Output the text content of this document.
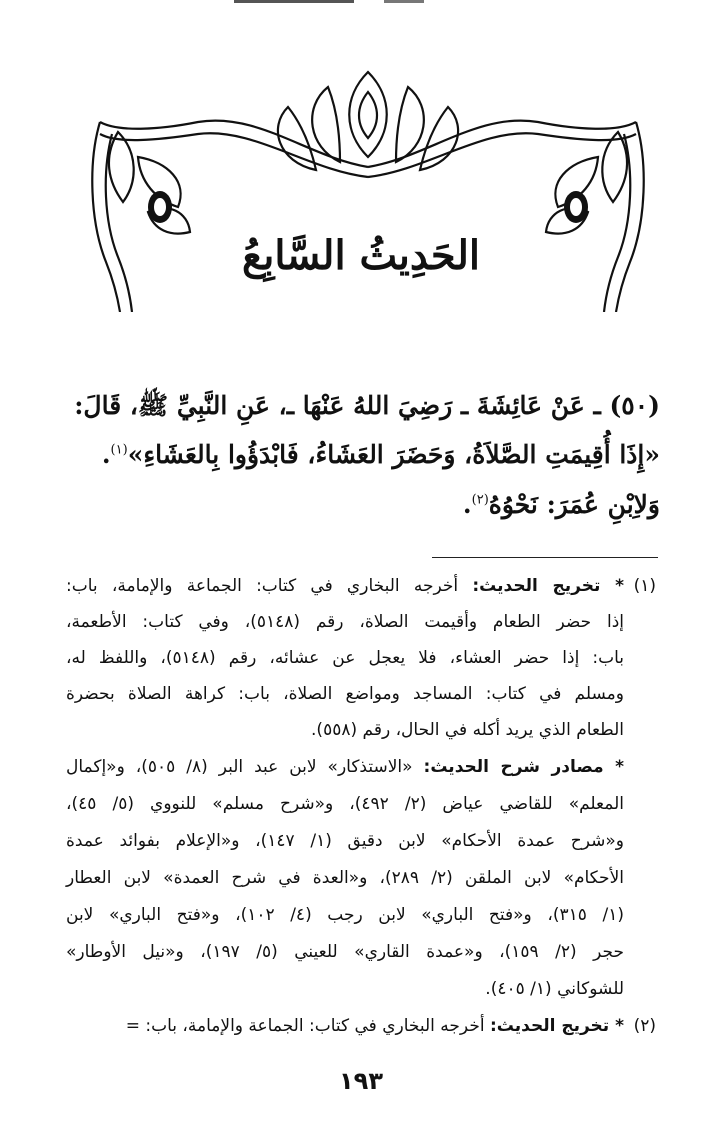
الحَدِيثُ السَّابِعُ
(٥٠) ـ عَنْ عَائِشَةَ ـ رَضِيَ اللهُ عَنْهَا ـ، عَنِ النَّبِيِّ ﷺ، قَالَ:
«إِذَا أُقِيمَتِ الصَّلاَةُ، وَحَضَرَ العَشَاءُ، فَابْدَؤُوا بِالعَشَاءِ»$^{(١)}$.
وَلاِبْنِ عُمَرَ: نَحْوُهُ$^{(٢)}$.
(١)
* تخريج الحديث: أخرجه البخاري في كتاب: الجماعة والإمامة، باب:
إذا حضر الطعام وأقيمت الصلاة، رقم (٥١٤٨)، وفي كتاب: الأطعمة،
باب: إذا حضر العشاء، فلا يعجل عن عشائه، رقم (٥١٤٨)، واللفظ له،
ومسلم في كتاب: المساجد ومواضع الصلاة، باب: كراهة الصلاة بحضرة
الطعام الذي يريد أكله في الحال، رقم (٥٥٨).
* مصادر شرح الحديث: «الاستذكار» لابن عبد البر (٨/ ٥٠٥)، و«إكمال
المعلم» للقاضي عياض (٢/ ٤٩٢)، و«شرح مسلم» للنووي (٥/ ٤٥)،
و«شرح عمدة الأحكام» لابن دقيق (١/ ١٤٧)، و«الإعلام بفوائد عمدة
الأحكام» لابن الملقن (٢/ ٢٨٩)، و«العدة في شرح العمدة» لابن العطار
(١/ ٣١٥)، و«فتح الباري» لابن رجب (٤/ ١٠٢)، و«فتح الباري» لابن
حجر (٢/ ١٥٩)، و«عمدة القاري» للعيني (٥/ ١٩٧)، و«نيل الأوطار»
للشوكاني (١/ ٤٠٥).
(٢)
* تخريج الحديث: أخرجه البخاري في كتاب: الجماعة والإمامة، باب: =
١٩٣
